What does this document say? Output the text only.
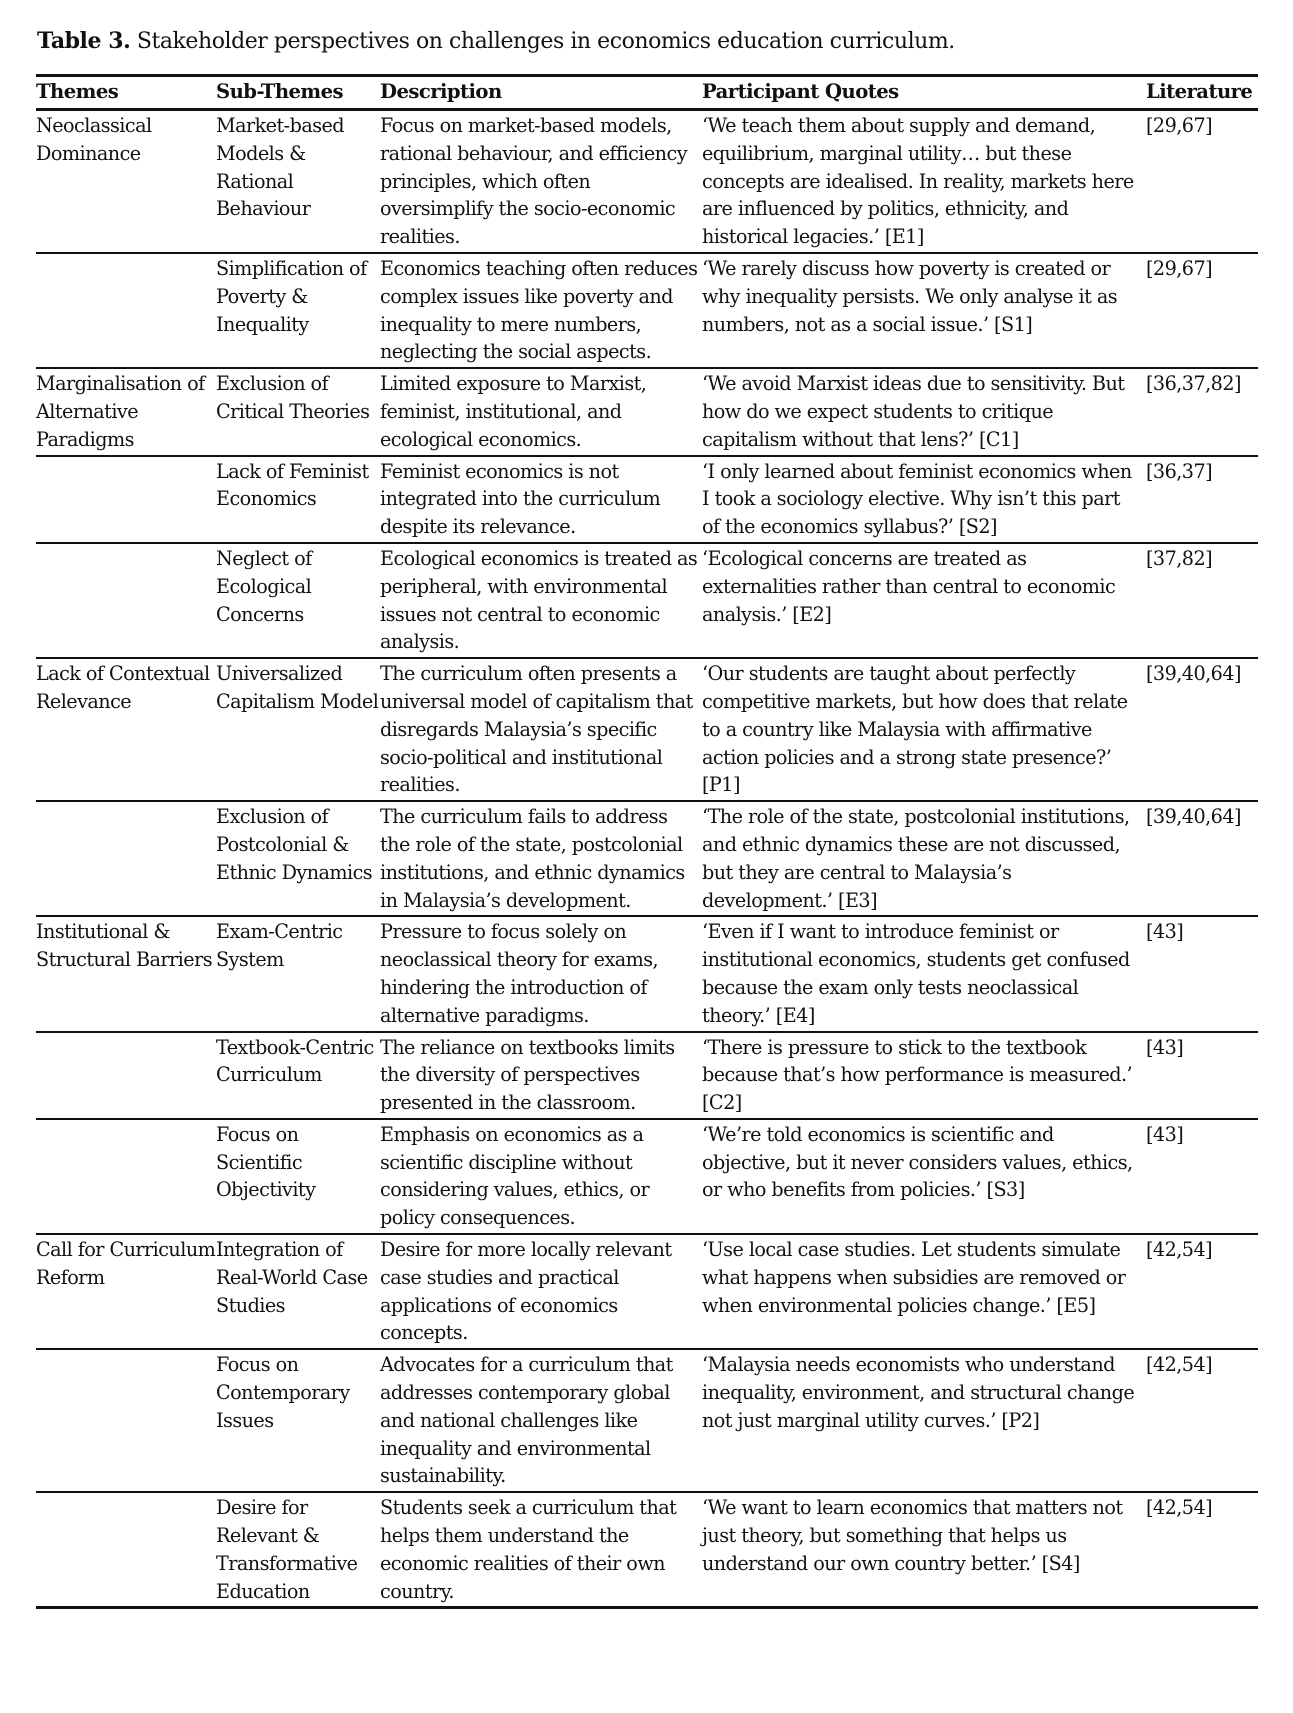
Table 3. Stakeholder perspectives on challenges in economics education curriculum.
Themes	Sub-Themes	Description	Participant Quotes	Literature
Neoclassical Dominance	Market-based Models & Rational Behaviour	Focus on market-based models, rational behaviour, and efficiency principles, which often oversimplify the socio-economic realities.	‘We teach them about supply and demand, equilibrium, marginal utility… but these concepts are idealised. In reality, markets here are influenced by politics, ethnicity, and historical legacies.’ [E1]	[29,67]
	Simplification of Poverty & Inequality	Economics teaching often reduces complex issues like poverty and inequality to mere numbers, neglecting the social aspects.	‘We rarely discuss how poverty is created or why inequality persists. We only analyse it as numbers, not as a social issue.’ [S1]	[29,67]
Marginalisation of Alternative Paradigms	Exclusion of Critical Theories	Limited exposure to Marxist, feminist, institutional, and ecological economics.	‘We avoid Marxist ideas due to sensitivity. But how do we expect students to critique capitalism without that lens?’ [C1]	[36,37,82]
	Lack of Feminist Economics	Feminist economics is not integrated into the curriculum despite its relevance.	‘I only learned about feminist economics when I took a sociology elective. Why isn’t this part of the economics syllabus?’ [S2]	[36,37]
	Neglect of Ecological Concerns	Ecological economics is treated as peripheral, with environmental issues not central to economic analysis.	‘Ecological concerns are treated as externalities rather than central to economic analysis.’ [E2]	[37,82]
Lack of Contextual Relevance	Universalized Capitalism Model	The curriculum often presents a universal model of capitalism that disregards Malaysia’s specific socio-political and institutional realities.	‘Our students are taught about perfectly competitive markets, but how does that relate to a country like Malaysia with affirmative action policies and a strong state presence?’ [P1]	[39,40,64]
	Exclusion of Postcolonial & Ethnic Dynamics	The curriculum fails to address the role of the state, postcolonial institutions, and ethnic dynamics in Malaysia’s development.	‘The role of the state, postcolonial institutions, and ethnic dynamics these are not discussed, but they are central to Malaysia’s development.’ [E3]	[39,40,64]
Institutional & Structural Barriers	Exam-Centric System	Pressure to focus solely on neoclassical theory for exams, hindering the introduction of alternative paradigms.	‘Even if I want to introduce feminist or institutional economics, students get confused because the exam only tests neoclassical theory.’ [E4]	[43]
	Textbook-Centric Curriculum	The reliance on textbooks limits the diversity of perspectives presented in the classroom.	‘There is pressure to stick to the textbook because that’s how performance is measured.’ [C2]	[43]
	Focus on Scientific Objectivity	Emphasis on economics as a scientific discipline without considering values, ethics, or policy consequences.	‘We’re told economics is scientific and objective, but it never considers values, ethics, or who benefits from policies.’ [S3]	[43]
Call for Curriculum Reform	Integration of Real-World Case Studies	Desire for more locally relevant case studies and practical applications of economics concepts.	‘Use local case studies. Let students simulate what happens when subsidies are removed or when environmental policies change.’ [E5]	[42,54]
	Focus on Contemporary Issues	Advocates for a curriculum that addresses contemporary global and national challenges like inequality and environmental sustainability.	‘Malaysia needs economists who understand inequality, environment, and structural change not just marginal utility curves.’ [P2]	[42,54]
	Desire for Relevant & Transformative Education	Students seek a curriculum that helps them understand the economic realities of their own country.	‘We want to learn economics that matters not just theory, but something that helps us understand our own country better.’ [S4]	[42,54]
